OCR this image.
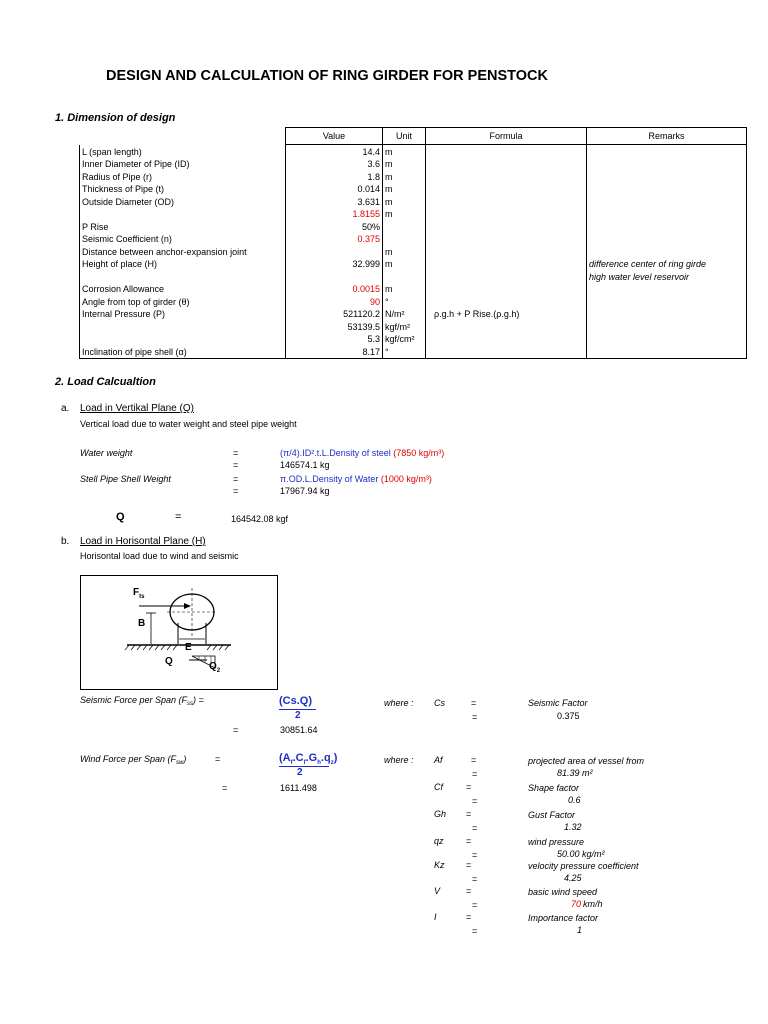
DESIGN AND CALCULATION OF RING GIRDER FOR PENSTOCK
1. Dimension of design
	Value	Unit	Formula	Remarks
L (span length)	14.4	m		
Inner Diameter of Pipe (ID)	3.6	m		
Radius of Pipe (r)	1.8	m		
Thickness of Pipe (t)	0.014	m		
Outside Diameter (OD)	3.631	m		
	1.8155	m		
P Rise	50%			
Seismic Coefficient (n)	0.375			
Distance between anchor-expansion joint		m		
Height of place (H)	32.999	m		difference center of ring girde
				high water level reservoir
Corrosion Allowance	0.0015	m		
Angle from top of girder (θ)	90	°		
Internal Pressure (P)	521120.2	N/m²	ρ.g.h + P Rise.(ρ.g.h)	
	53139.5	kgf/m²		
	5.3	kgf/cm²		
Inclination of pipe shell (α)	8.17	°		
2. Load Calcualtion
a. Load in Vertikal Plane (Q)
Vertical load due to water weight and steel pipe weight
Water weight	=	(π/4).ID².t.L.Density of steel (7850 kg/m³)
=	146574.1 kg
Stell Pipe Shell Weight	=	π.OD.L.Density of Water (1000 kg/m³)
=	17967.94 kg
Q	=	164542.08 kgf
b. Load in Horisontal Plane (H)
Horisontal load due to wind and seismic
$F_{ts}$
B
E
Q	$Q_2$
Seismic Force per Span $(F_{ss})$ =	(Cs.Q)
2
=	30851.64
where : Cs	=	Seismic Factor
=	0.375
Wind Force per Span $(F_{sw})$	=	(Af.Cf.Gh.qz)
2
=	1611.498
where : Af	=	projected area of vessel from
=	81.39 m²
Cf	=	Shape factor
=	0.6
Gh =	Gust Factor
=	1.32
qz =	wind pressure
=	50.00 kg/m²
Kz =	velocity pressure coefficient
=	4.25
V	=	basic wind speed
=	70 km/h
I	=	Importance factor
=	1
